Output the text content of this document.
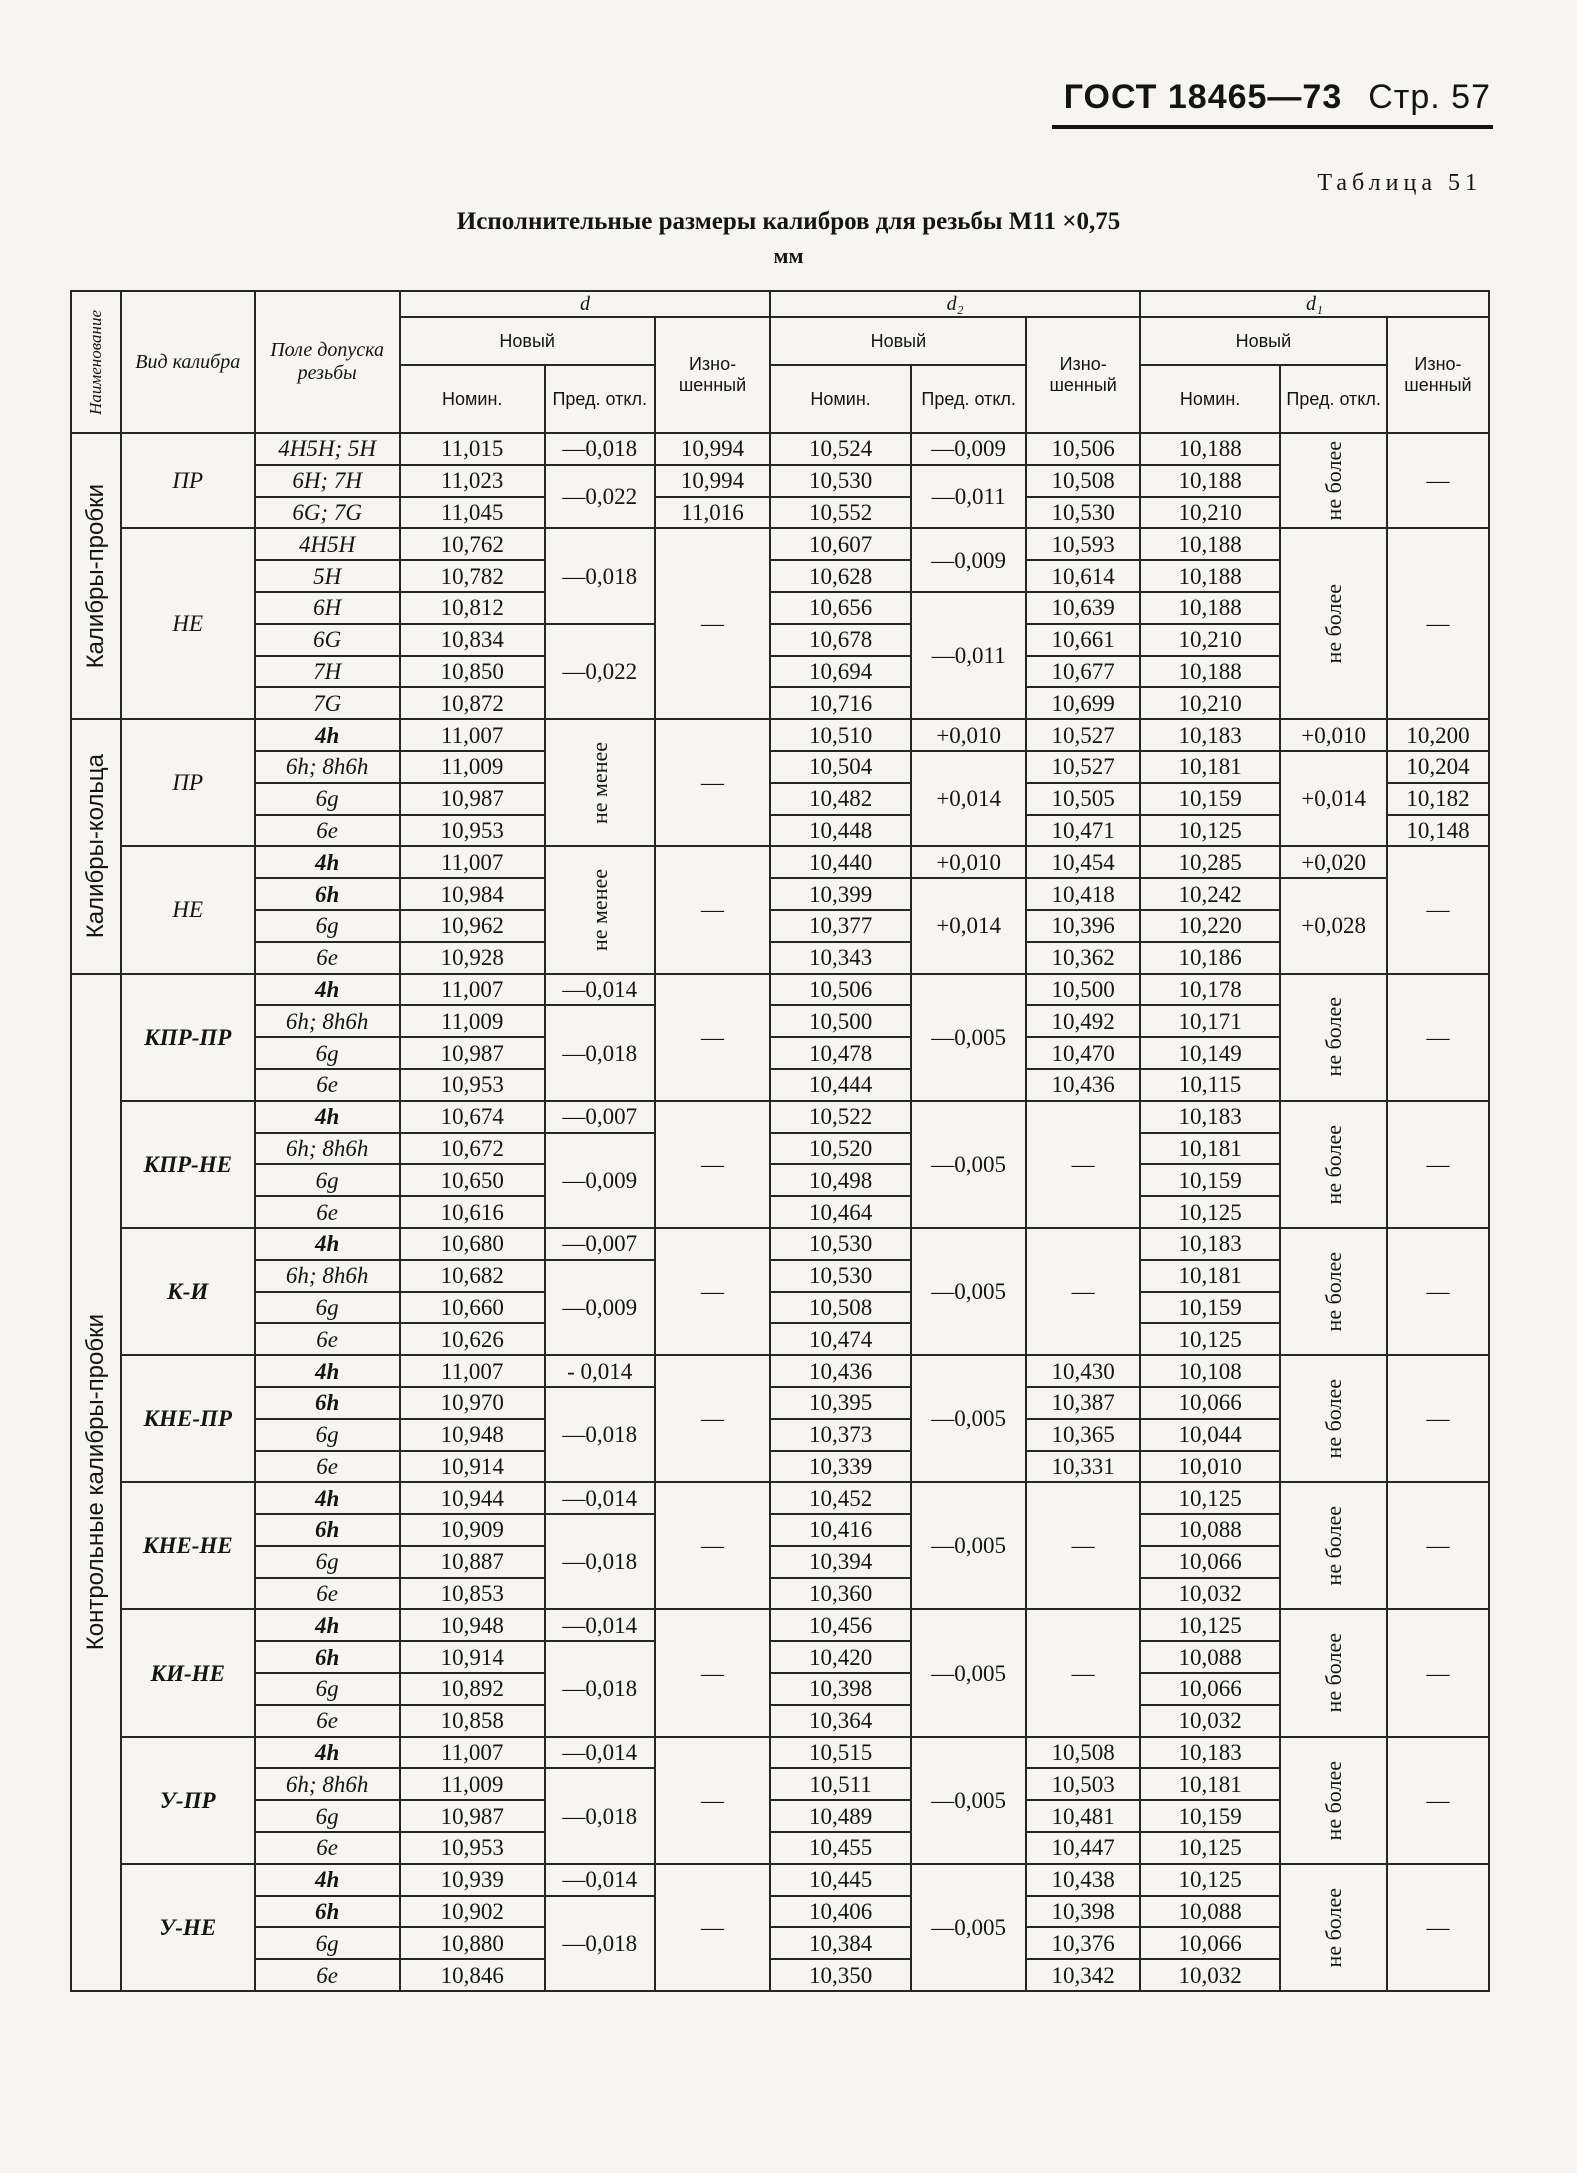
ГОСТ 18465—73 Стр. 57
Таблица 51
Исполнительные размеры калибров для резьбы M11 ×0,75
мм
Наименование	Вид калибра	Поле допуска резьбы	d			d₂			d₁		
			Новый		Изно-шенный	Новый		Изно-шенный	Новый		Изно-шенный
			Номин.	Пред. откл.		Номин.	Пред. откл.		Номин.	Пред. откл.	

Калибры-пробки	ПР	4H5H; 5H	11,015	—0,018	10,994	10,524	—0,009	10,506	10,188	не более	—
		6H; 7H	11,023	—0,022	10,994	10,530	—0,011	10,508	10,188		
		6G; 7G	11,045		11,016	10,552		10,530	10,210		
	НЕ	4H5H	10,762	—0,018	—	10,607	—0,009	10,593	10,188	не более	—
		5H	10,782			10,628		10,614	10,188		
		6H	10,812			10,656	—0,011	10,639	10,188		
		6G	10,834	—0,022		10,678		10,661	10,210		
		7H	10,850			10,694		10,677	10,188		
		7G	10,872			10,716		10,699	10,210		

Калибры-кольца	ПР	4h	11,007	не менее	—	10,510	+0,010	10,527	10,183	+0,010	10,200
		6h; 8h6h	11,009			10,504	+0,014	10,527	10,181	+0,014	10,204
		6g	10,987			10,482		10,505	10,159		10,182
		6e	10,953			10,448		10,471	10,125		10,148
	НЕ	4h	11,007	не менее	—	10,440	+0,010	10,454	10,285	+0,020	—
		6h	10,984			10,399	+0,014	10,418	10,242	+0,028	
		6g	10,962			10,377		10,396	10,220		
		6e	10,928			10,343		10,362	10,186		

Контрольные калибры-пробки	КПР-ПР	4h	11,007	—0,014	—	10,506	—0,005	10,500	10,178	не более	—
		6h; 8h6h	11,009	—0,018		10,500		10,492	10,171		
		6g	10,987			10,478		10,470	10,149		
		6e	10,953			10,444		10,436	10,115		
	КПР-НЕ	4h	10,674	—0,007	—	10,522	—0,005	—	10,183	не более	—
		6h; 8h6h	10,672	—0,009		10,520			10,181		
		6g	10,650			10,498			10,159		
		6e	10,616			10,464			10,125		
	К-И	4h	10,680	—0,007	—	10,530	—0,005	—	10,183	не более	—
		6h; 8h6h	10,682	—0,009		10,530			10,181		
		6g	10,660			10,508			10,159		
		6e	10,626			10,474			10,125		
	КНЕ-ПР	4h	11,007	- 0,014	—	10,436	—0,005	10,430	10,108	не более	—
		6h	10,970	—0,018		10,395		10,387	10,066		
		6g	10,948			10,373		10,365	10,044		
		6e	10,914			10,339		10,331	10,010		
	КНЕ-НЕ	4h	10,944	—0,014	—	10,452	—0,005	—	10,125	не более	—
		6h	10,909	—0,018		10,416			10,088		
		6g	10,887			10,394			10,066		
		6e	10,853			10,360			10,032		
	КИ-НЕ	4h	10,948	—0,014	—	10,456	—0,005	—	10,125	не более	—
		6h	10,914	—0,018		10,420			10,088		
		6g	10,892			10,398			10,066		
		6e	10,858			10,364			10,032		
	У-ПР	4h	11,007	—0,014	—	10,515	—0,005	10,508	10,183	не более	—
		6h; 8h6h	11,009	—0,018		10,511		10,503	10,181		
		6g	10,987			10,489		10,481	10,159		
		6e	10,953			10,455		10,447	10,125		
	У-НЕ	4h	10,939	—0,014	—	10,445	—0,005	10,438	10,125	не более	—
		6h	10,902	—0,018		10,406		10,398	10,088		
		6g	10,880			10,384		10,376	10,066		
		6e	10,846			10,350		10,342	10,032		
